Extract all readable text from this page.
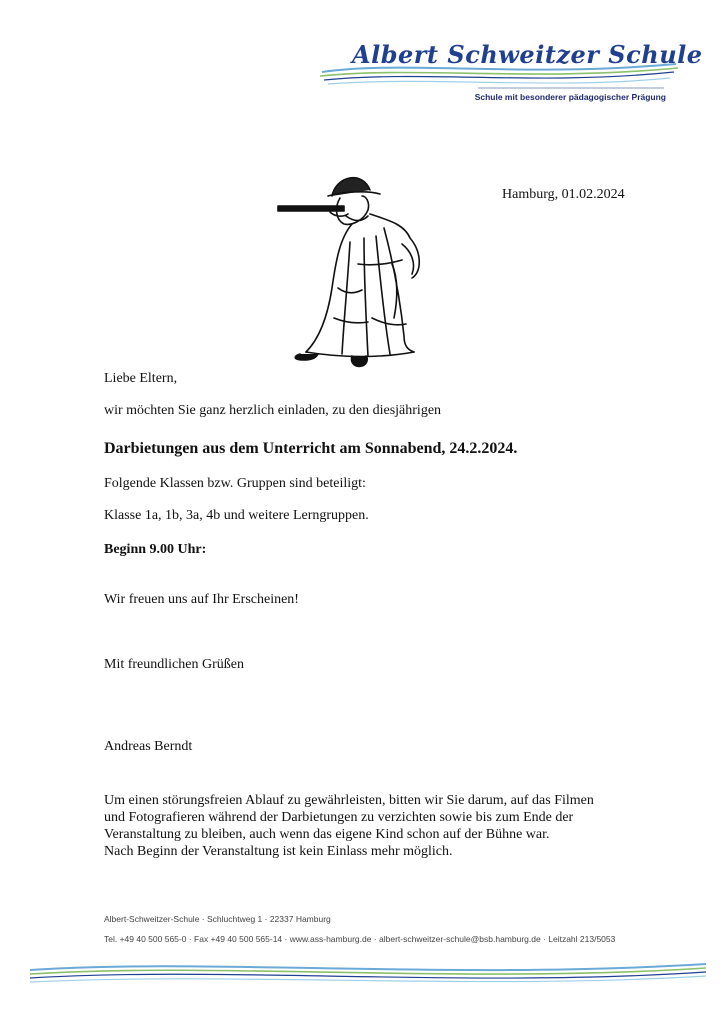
Albert Schweitzer Schule
Schule mit besonderer pädagogischer Prägung
Hamburg, 01.02.2024
Liebe Eltern,
wir möchten Sie ganz herzlich einladen, zu den diesjährigen
Darbietungen aus dem Unterricht am Sonnabend, 24.2.2024.
Folgende Klassen bzw. Gruppen sind beteiligt:
Klasse 1a, 1b, 3a, 4b und weitere Lerngruppen.
Beginn 9.00 Uhr:
Wir freuen uns auf Ihr Erscheinen!
Mit freundlichen Grüßen
Andreas Berndt
Um einen störungsfreien Ablauf zu gewährleisten, bitten wir Sie darum, auf das Filmen
und Fotografieren während der Darbietungen zu verzichten sowie bis zum Ende der
Veranstaltung zu bleiben, auch wenn das eigene Kind schon auf der Bühne war.
Nach Beginn der Veranstaltung ist kein Einlass mehr möglich.
Albert-Schweitzer-Schule · Schluchtweg 1 · 22337 Hamburg
Tel. +49 40 500 565-0 · Fax +49 40 500 565-14 · www.ass-hamburg.de · albert-schweitzer-schule@bsb.hamburg.de · Leitzahl 213/5053
